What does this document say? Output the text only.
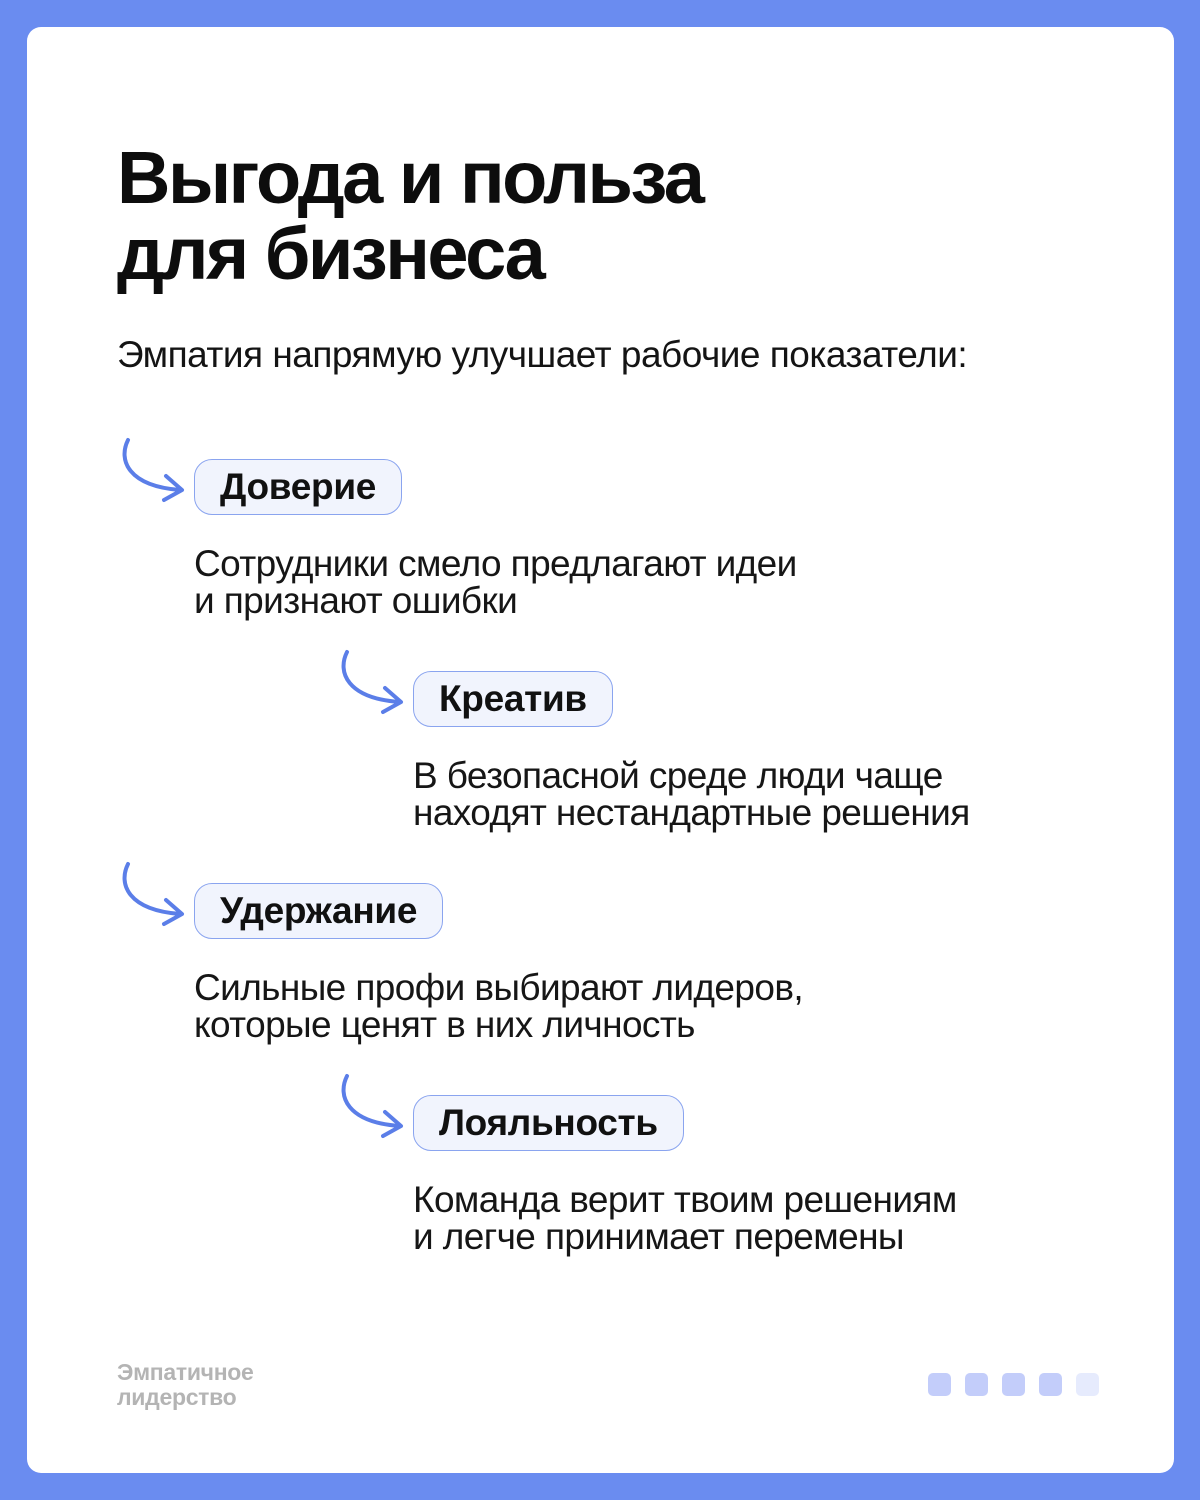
Выгода и польза
для бизнеса
Эмпатия напрямую улучшает рабочие показатели:
Доверие
Сотрудники смело предлагают идеи
и признают ошибки
Креатив
В безопасной среде люди чаще
находят нестандартные решения
Удержание
Сильные профи выбирают лидеров,
которые ценят в них личность
Лояльность
Команда верит твоим решениям
и легче принимает перемены
Эмпатичное
лидерство
